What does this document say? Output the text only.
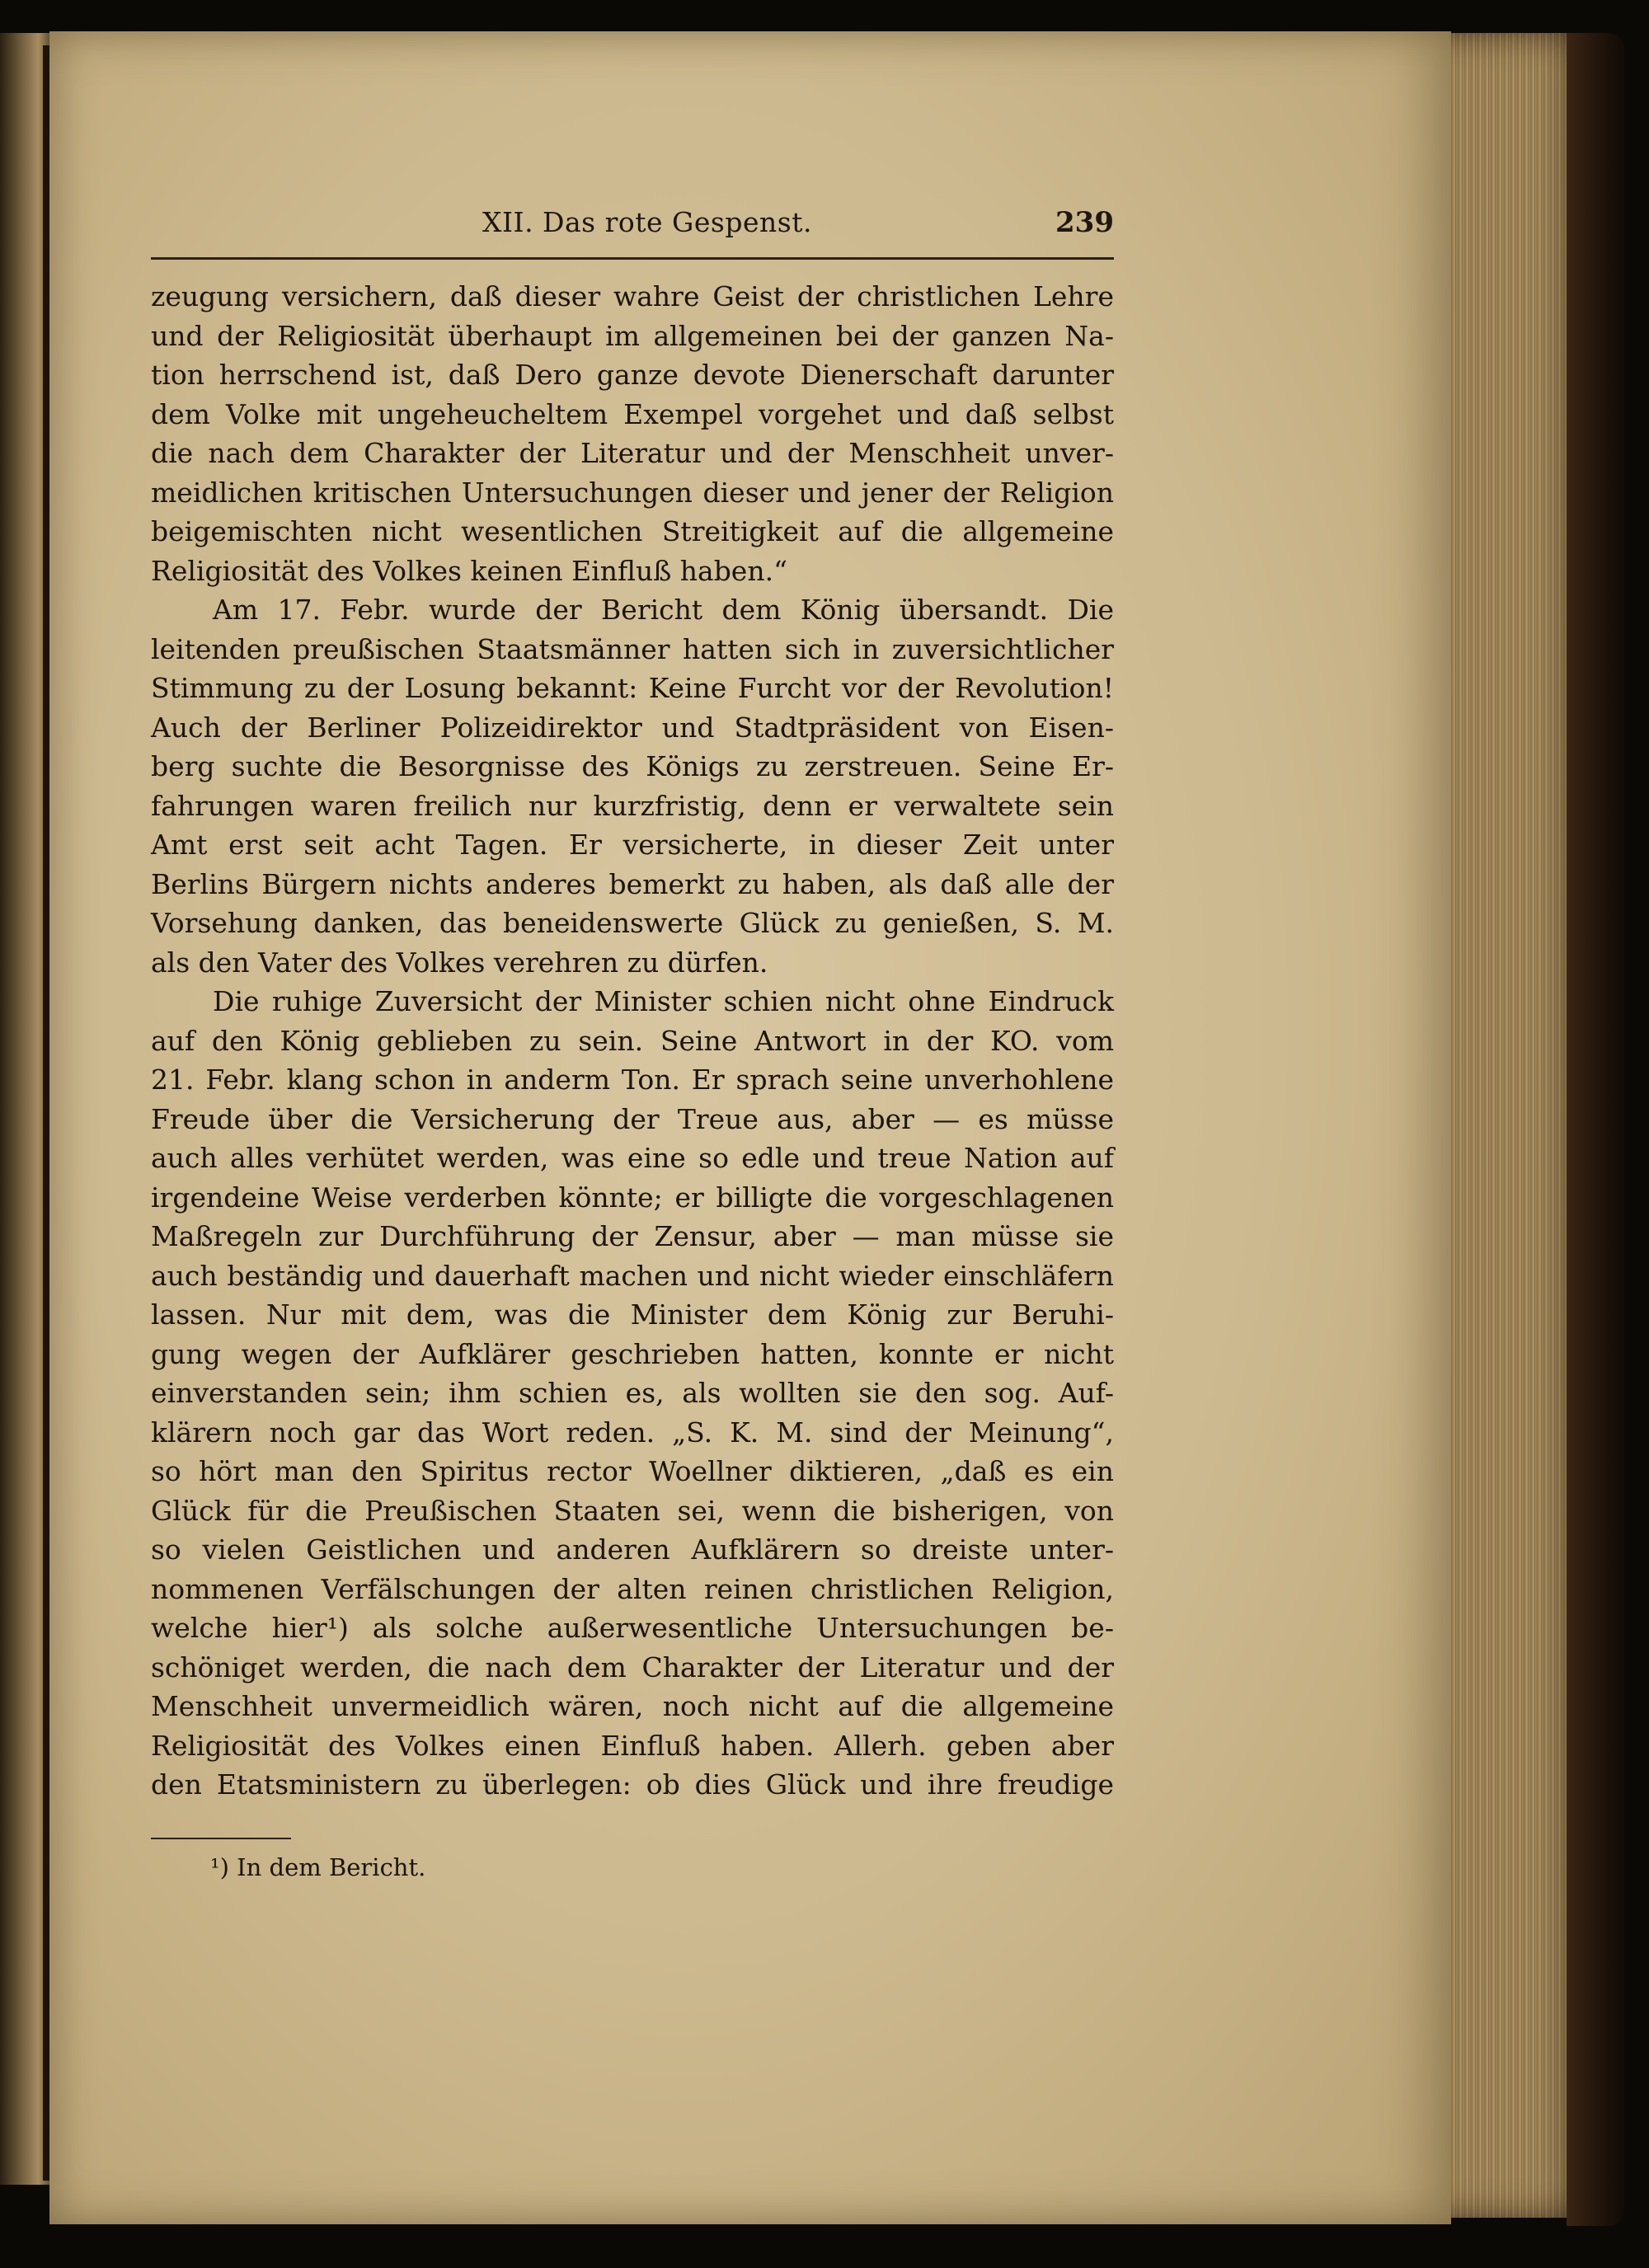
XII. Das rote Gespenst.	239
zeugung versichern, daß dieser wahre Geist der christlichen Lehre
und der Religiosität überhaupt im allgemeinen bei der ganzen Na-
tion herrschend ist, daß Dero ganze devote Dienerschaft darunter
dem Volke mit ungeheucheltem Exempel vorgehet und daß selbst
die nach dem Charakter der Literatur und der Menschheit unver-
meidlichen kritischen Untersuchungen dieser und jener der Religion
beigemischten nicht wesentlichen Streitigkeit auf die allgemeine
Religiosität des Volkes keinen Einfluß haben.“
Am 17. Febr. wurde der Bericht dem König übersandt. Die
leitenden preußischen Staatsmänner hatten sich in zuversichtlicher
Stimmung zu der Losung bekannt: Keine Furcht vor der Revolution!
Auch der Berliner Polizeidirektor und Stadtpräsident von Eisen-
berg suchte die Besorgnisse des Königs zu zerstreuen. Seine Er-
fahrungen waren freilich nur kurzfristig, denn er verwaltete sein
Amt erst seit acht Tagen. Er versicherte, in dieser Zeit unter
Berlins Bürgern nichts anderes bemerkt zu haben, als daß alle der
Vorsehung danken, das beneidenswerte Glück zu genießen, S. M.
als den Vater des Volkes verehren zu dürfen.
Die ruhige Zuversicht der Minister schien nicht ohne Eindruck
auf den König geblieben zu sein. Seine Antwort in der KO. vom
21. Febr. klang schon in anderm Ton. Er sprach seine unverhohlene
Freude über die Versicherung der Treue aus, aber — es müsse
auch alles verhütet werden, was eine so edle und treue Nation auf
irgendeine Weise verderben könnte; er billigte die vorgeschlagenen
Maßregeln zur Durchführung der Zensur, aber — man müsse sie
auch beständig und dauerhaft machen und nicht wieder einschläfern
lassen. Nur mit dem, was die Minister dem König zur Beruhi-
gung wegen der Aufklärer geschrieben hatten, konnte er nicht
einverstanden sein; ihm schien es, als wollten sie den sog. Auf-
klärern noch gar das Wort reden. „S. K. M. sind der Meinung“,
so hört man den Spiritus rector Woellner diktieren, „daß es ein
Glück für die Preußischen Staaten sei, wenn die bisherigen, von
so vielen Geistlichen und anderen Aufklärern so dreiste unter-
nommenen Verfälschungen der alten reinen christlichen Religion,
welche hier¹) als solche außerwesentliche Untersuchungen be-
schöniget werden, die nach dem Charakter der Literatur und der
Menschheit unvermeidlich wären, noch nicht auf die allgemeine
Religiosität des Volkes einen Einfluß haben. Allerh. geben aber
den Etatsministern zu überlegen: ob dies Glück und ihre freudige
¹) In dem Bericht.
